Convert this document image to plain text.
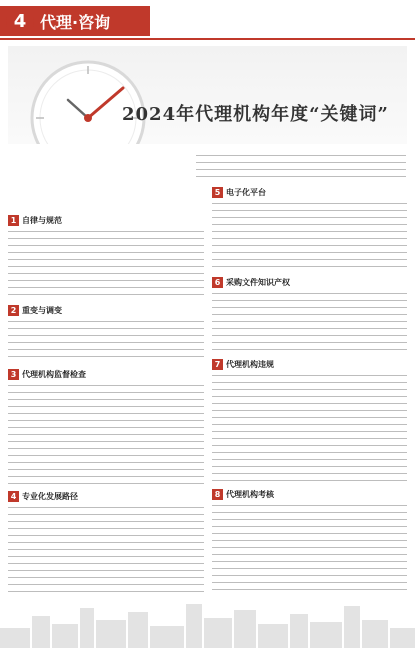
4 代理·咨询
2024年代理机构年度“关键词”
1 自律与规范
2 重变与调变
3 代理机构监督检查
4 专业化发展路径
5 电子化平台
6 采购文件知识产权
7 代理机构违规
8 代理机构考核
